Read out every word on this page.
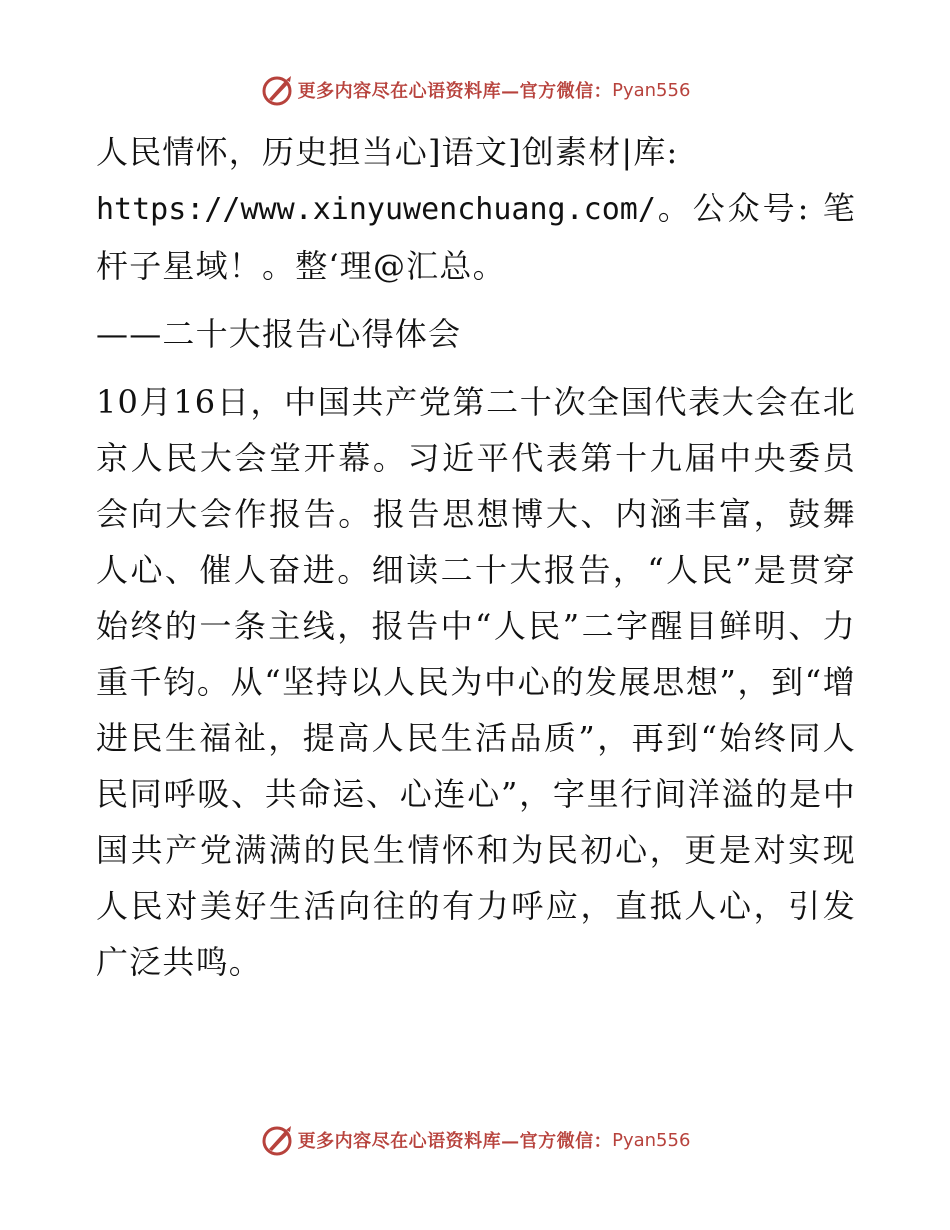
更多内容尽在心语资料库—官方微信： Pyan556

人民情怀，历史担当心]语文]创素材|库:
https://www.xinyuwenchuang.com/。公众号: 笔杆子星域！。整‘理@汇总。

——二十大报告心得体会

10月16日，中国共产党第二十次全国代表大会在北京人民大会堂开幕。习近平代表第十九届中央委员会向大会作报告。报告思想博大、内涵丰富，鼓舞人心、催人奋进。细读二十大报告，“人民”是贯穿始终的一条主线，报告中“人民”二字醒目鲜明、力重千钧。从“坚持以人民为中心的发展思想”，到“增进民生福祉，提高人民生活品质”，再到“始终同人民同呼吸、共命运、心连心”，字里行间洋溢的是中国共产党满满的民生情怀和为民初心，更是对实现人民对美好生活向往的有力呼应，直抵人心，引发广泛共鸣。

更多内容尽在心语资料库—官方微信： Pyan556
